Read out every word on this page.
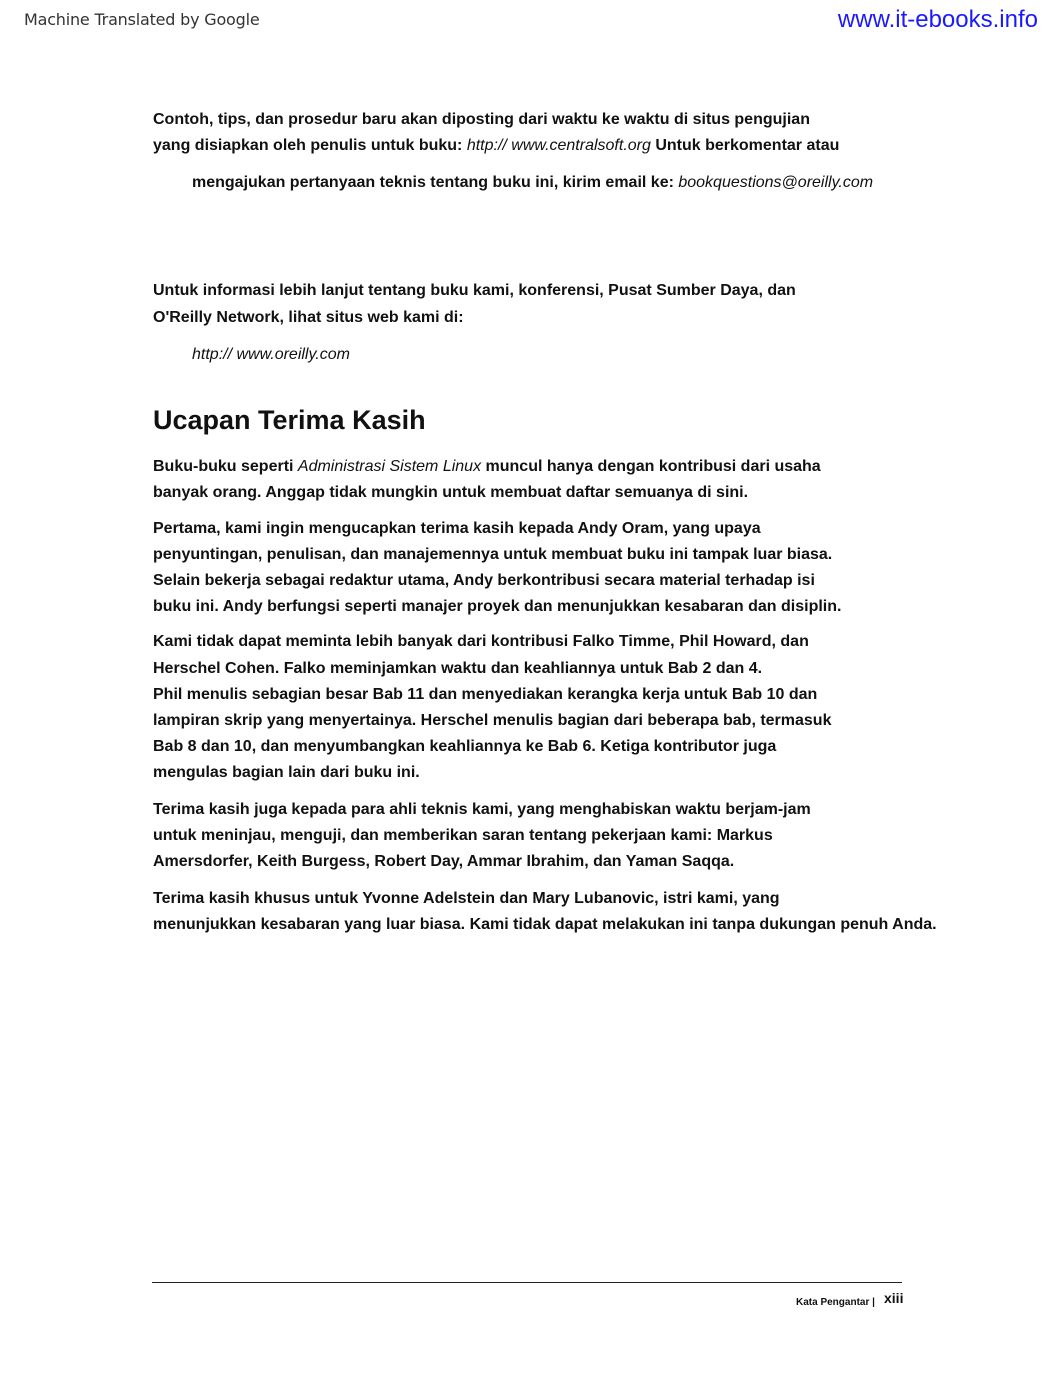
Machine Translated by Google	www.it-ebooks.info

Contoh, tips, dan prosedur baru akan diposting dari waktu ke waktu di situs pengujian

yang disiapkan oleh penulis untuk buku: http:// www.centralsoft.org Untuk berkomentar atau

mengajukan pertanyaan teknis tentang buku ini, kirim email ke: bookquestions@oreilly.com

Untuk informasi lebih lanjut tentang buku kami, konferensi, Pusat Sumber Daya, dan

O'Reilly Network, lihat situs web kami di:

http:// www.oreilly.com

Ucapan Terima Kasih

Buku-buku seperti Administrasi Sistem Linux muncul hanya dengan kontribusi dari usaha

banyak orang. Anggap tidak mungkin untuk membuat daftar semuanya di sini.

Pertama, kami ingin mengucapkan terima kasih kepada Andy Oram, yang upaya

penyuntingan, penulisan, dan manajemennya untuk membuat buku ini tampak luar biasa.

Selain bekerja sebagai redaktur utama, Andy berkontribusi secara material terhadap isi

buku ini. Andy berfungsi seperti manajer proyek dan menunjukkan kesabaran dan disiplin.

Kami tidak dapat meminta lebih banyak dari kontribusi Falko Timme, Phil Howard, dan

Herschel Cohen. Falko meminjamkan waktu dan keahliannya untuk Bab 2 dan 4.

Phil menulis sebagian besar Bab 11 dan menyediakan kerangka kerja untuk Bab 10 dan

lampiran skrip yang menyertainya. Herschel menulis bagian dari beberapa bab, termasuk

Bab 8 dan 10, dan menyumbangkan keahliannya ke Bab 6. Ketiga kontributor juga

mengulas bagian lain dari buku ini.

Terima kasih juga kepada para ahli teknis kami, yang menghabiskan waktu berjam-jam

untuk meninjau, menguji, dan memberikan saran tentang pekerjaan kami: Markus

Amersdorfer, Keith Burgess, Robert Day, Ammar Ibrahim, dan Yaman Saqqa.

Terima kasih khusus untuk Yvonne Adelstein dan Mary Lubanovic, istri kami, yang

menunjukkan kesabaran yang luar biasa. Kami tidak dapat melakukan ini tanpa dukungan penuh Anda.

Kata Pengantar | xiii
